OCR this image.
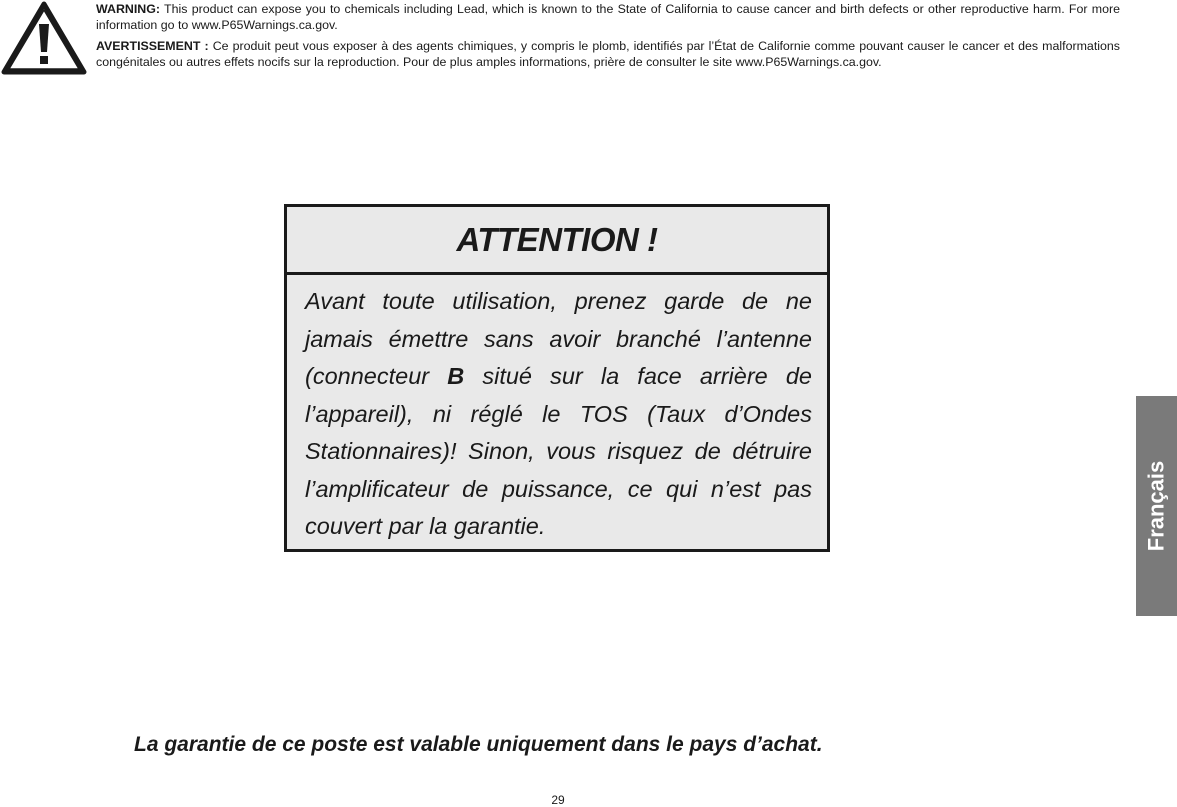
WARNING: This product can expose you to chemicals including Lead, which is known to the State of California to cause cancer and birth defects or other reproductive harm. For more information go to www.P65Warnings.ca.gov.

AVERTISSEMENT : Ce produit peut vous exposer à des agents chimiques, y compris le plomb, identifiés par l’État de Californie comme pouvant causer le cancer et des malformations congénitales ou autres effets nocifs sur la reproduction. Pour de plus amples informations, prière de consulter le site www.P65Warnings.ca.gov.

ATTENTION !
Avant toute utilisation, prenez garde de ne jamais émettre sans avoir branché l’antenne (connecteur B situé sur la face arrière de l’appareil), ni réglé le TOS (Taux d’Ondes Stationnaires)! Sinon, vous risquez de détruire l’amplificateur de puissance, ce qui n’est pas couvert par la garantie.
La garantie de ce poste est valable uniquement dans le pays d’achat.
29
Français
